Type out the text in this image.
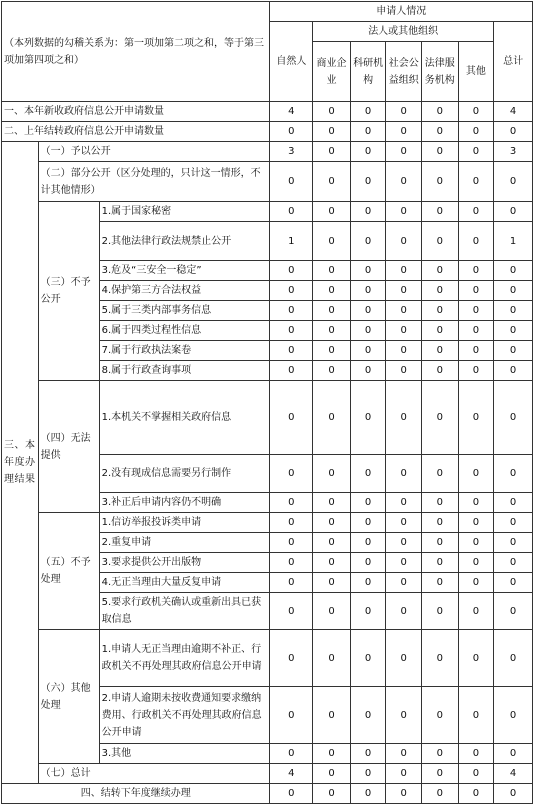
（本列数据的勾稽关系为：第一项加第二项之和，等于第三项加第四项之和）			申请人情况						
			自然人	法人或其他组织					总计
				商业企业	科研机构	社会公益组织	法律服务机构	其他	
一、本年新收政府信息公开申请数量			4	0	0	0	0	0	4
二、上年结转政府信息公开申请数量			0	0	0	0	0	0	0
三、本年度办理结果	（一）予以公开		3	0	0	0	0	0	3
	（二）部分公开（区分处理的，只计这一情形，不计其他情形）		0	0	0	0	0	0	0
	（三）不予公开	1.属于国家秘密	0	0	0	0	0	0	0
		2.其他法律行政法规禁止公开	1	0	0	0	0	0	1
		3.危及“三安全一稳定”	0	0	0	0	0	0	0
		4.保护第三方合法权益	0	0	0	0	0	0	0
		5.属于三类内部事务信息	0	0	0	0	0	0	0
		6.属于四类过程性信息	0	0	0	0	0	0	0
		7.属于行政执法案卷	0	0	0	0	0	0	0
		8.属于行政查询事项	0	0	0	0	0	0	0
	（四）无法提供	1.本机关不掌握相关政府信息	0	0	0	0	0	0	0
		2.没有现成信息需要另行制作	0	0	0	0	0	0	0
		3.补正后申请内容仍不明确	0	0	0	0	0	0	0
	（五）不予处理	1.信访举报投诉类申请	0	0	0	0	0	0	0
		2.重复申请	0	0	0	0	0	0	0
		3.要求提供公开出版物	0	0	0	0	0	0	0
		4.无正当理由大量反复申请	0	0	0	0	0	0	0
		5.要求行政机关确认或重新出具已获取信息	0	0	0	0	0	0	0
	（六）其他处理	1.申请人无正当理由逾期不补正、行政机关不再处理其政府信息公开申请	0	0	0	0	0	0	0
		2.申请人逾期未按收费通知要求缴纳费用、行政机关不再处理其政府信息公开申请	0	0	0	0	0	0	0
		3.其他	0	0	0	0	0	0	0
	（七）总计		4	0	0	0	0	0	4
四、结转下年度继续办理			0	0	0	0	0	0	0
